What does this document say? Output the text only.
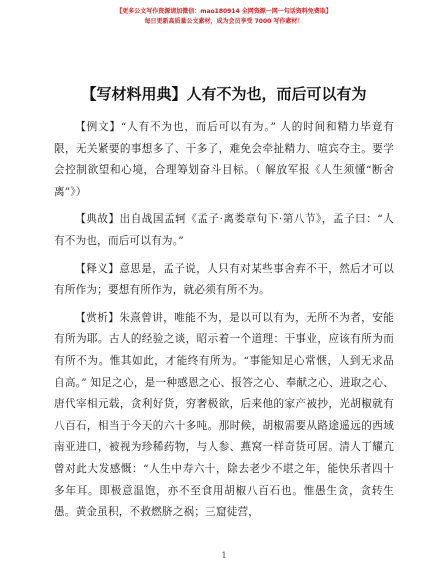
【更多公文写作资源请加微信：mao180914 全网资源一网一句话资料免费取】
每日更新高质量公文素材，成为会员享受 7000 写作素材！
【写材料用典】人有不为也，而后可以有为

【例文】“人有不为也，而后可以有为。” 人的时间和精力毕竟有限，无关紧要的事想多了、干多了，难免会牵扯精力、喧宾夺主。要学会控制欲望和心境，合理筹划奋斗目标。（ 解放军报《人生须懂“断舍离”》）

【典故】出自战国孟轲《孟子·离娄章句下·第八节》，孟子曰：“人有不为也，而后可以有为。”

【释义】意思是，孟子说，人只有对某些事舍弃不干，然后才可以有所作为；要想有所作为，就必须有所不为。

【赏析】朱熹曾讲，唯能不为，是以可以有为，无所不为者，安能有所为耶。古人的经验之谈，昭示着一个道理：干事业，应该有所为而有所不为。惟其如此，才能终有所为。“事能知足心常惬，人到无求品自高。” 知足之心，是一种感恩之心、报答之心、奉献之心、进取之心、唐代宰相元载，贪利好货，穷奢极欲，后来他的家产被抄，光胡椒就有八百石，相当于今天的六十多吨。那时候，胡椒需要从路途遥远的西域南亚进口，被视为珍稀药物，与人参、燕窝一样奇货可居。清人丁耀亢曾对此大发感慨：“人生中寿六十，除去老少不堪之年，能快乐者四十多年耳。即极意温饱，亦不至食用胡椒八百石也。惟愚生贪，贪转生愚。黄金虽积，不救燃脐之祸；三窟徒营，

1
